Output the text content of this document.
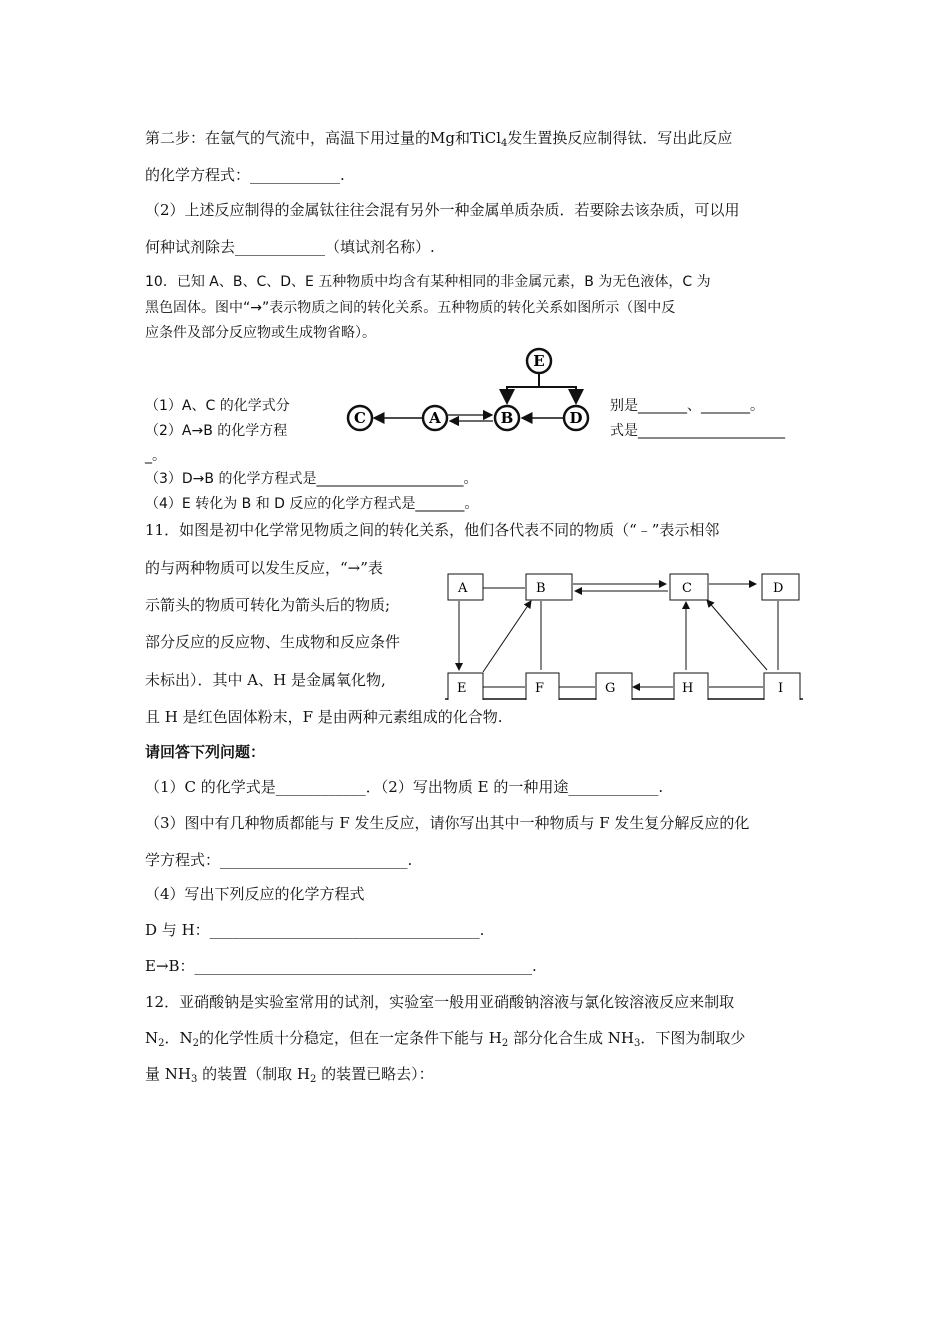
第二步：在氩气的气流中，高温下用过量的Mg和TiCl$_4$发生置换反应制得钛．写出此反应
的化学方程式：____________.
（2）上述反应制得的金属钛往往会混有另外一种金属单质杂质．若要除去该杂质，可以用
何种试剂除去____________（填试剂名称）.
10．已知 A、B、C、D、E 五种物质中均含有某种相同的非金属元素，B 为无色液体，C 为
黑色固体。图中“→”表示物质之间的转化关系。五种物质的转化关系如图所示（图中反
应条件及部分反应物或生成物省略）。
（1）A、C 的化学式分	别是_______、_______。
（2）A→B 的化学方程	式是_____________________
_。
（3）D→B 的化学方程式是_____________________。
（4）E 转化为 B 和 D 反应的化学方程式是_______。
11．如图是初中化学常见物质之间的转化关系，他们各代表不同的物质（“﹣”表示相邻
的与两种物质可以发生反应，“→”表
示箭头的物质可转化为箭头后的物质;
部分反应的反应物、生成物和反应条件
未标出）．其中 A、H 是金属氧化物,
且 H 是红色固体粉末，F 是由两种元素组成的化合物.
请回答下列问题：
（1）C 的化学式是____________．（2）写出物质 E 的一种用途____________.
（3）图中有几种物质都能与 F 发生反应，请你写出其中一种物质与 F 发生复分解反应的化
学方程式：_________________________.
（4）写出下列反应的化学方程式
D 与 H：____________________________________.
E→B：_____________________________________________.
12．亚硝酸钠是实验室常用的试剂，实验室一般用亚硝酸钠溶液与氯化铵溶液反应来制取
$N_2$．$N_2$的化学性质十分稳定，但在一定条件下能与 $H_2$ 部分化合生成 $NH_3$．下图为制取少
量 $NH_3$ 的装置（制取 $H_2$ 的装置已略去）：
E
C	A	B	D
A	B	C	D
E	F	G	H	I
